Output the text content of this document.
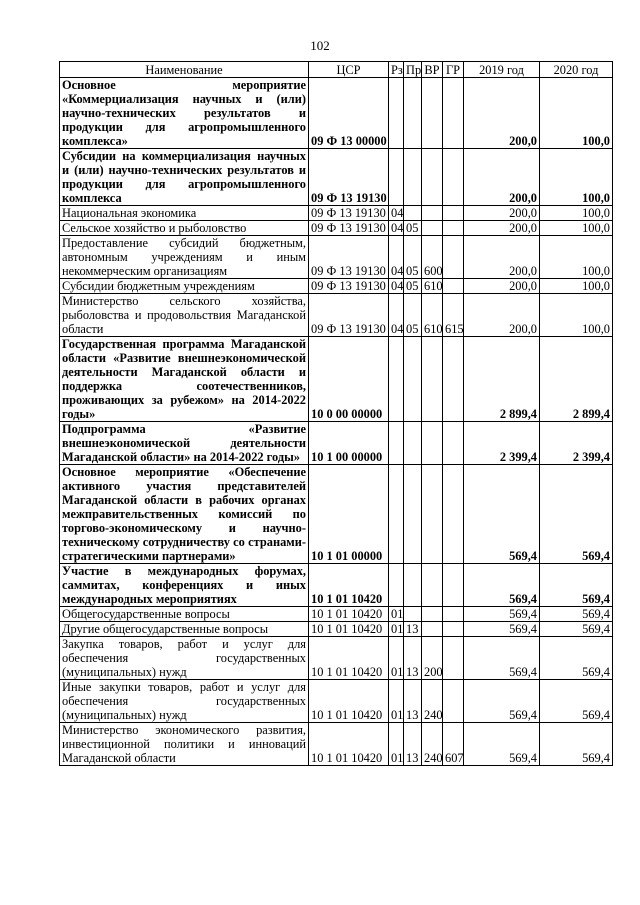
102
Наименование	ЦСР	Рз	Пр	ВР	ГР	2019 год	2020 год
Основное мероприятие «Коммерциализация научных и (или) научно-технических результатов и продукции для агропромышленного комплекса»	09 Ф 13 00000					200,0	100,0
Субсидии на коммерциализация научных и (или) научно-технических результатов и продукции для агропромышленного комплекса	09 Ф 13 19130					200,0	100,0
Национальная экономика	09 Ф 13 19130	04				200,0	100,0
Сельское хозяйство и рыболовство	09 Ф 13 19130	04	05			200,0	100,0
Предоставление субсидий бюджетным, автономным учреждениям и иным некоммерческим организациям	09 Ф 13 19130	04	05	600		200,0	100,0
Субсидии бюджетным учреждениям	09 Ф 13 19130	04	05	610		200,0	100,0
Министерство сельского хозяйства, рыболовства и продовольствия Магаданской области	09 Ф 13 19130	04	05	610	615	200,0	100,0
Государственная программа Магаданской области «Развитие внешнеэкономической деятельности Магаданской области и поддержка соотечественников, проживающих за рубежом» на 2014-2022 годы»	10 0 00 00000					2 899,4	2 899,4
Подпрограмма «Развитие внешнеэкономической деятельности Магаданской области» на 2014-2022 годы»	10 1 00 00000					2 399,4	2 399,4
Основное мероприятие «Обеспечение активного участия представителей Магаданской области в рабочих органах межправительственных комиссий по торгово-экономическому и научно-техническому сотрудничеству со странами-стратегическими партнерами»	10 1 01 00000					569,4	569,4
Участие в международных форумах, саммитах, конференциях и иных международных мероприятиях	10 1 01 10420					569,4	569,4
Общегосударственные вопросы	10 1 01 10420	01				569,4	569,4
Другие общегосударственные вопросы	10 1 01 10420	01	13			569,4	569,4
Закупка товаров, работ и услуг для обеспечения государственных (муниципальных) нужд	10 1 01 10420	01	13	200		569,4	569,4
Иные закупки товаров, работ и услуг для обеспечения государственных (муниципальных) нужд	10 1 01 10420	01	13	240		569,4	569,4
Министерство экономического развития, инвестиционной политики и инноваций Магаданской области	10 1 01 10420	01	13	240	607	569,4	569,4
